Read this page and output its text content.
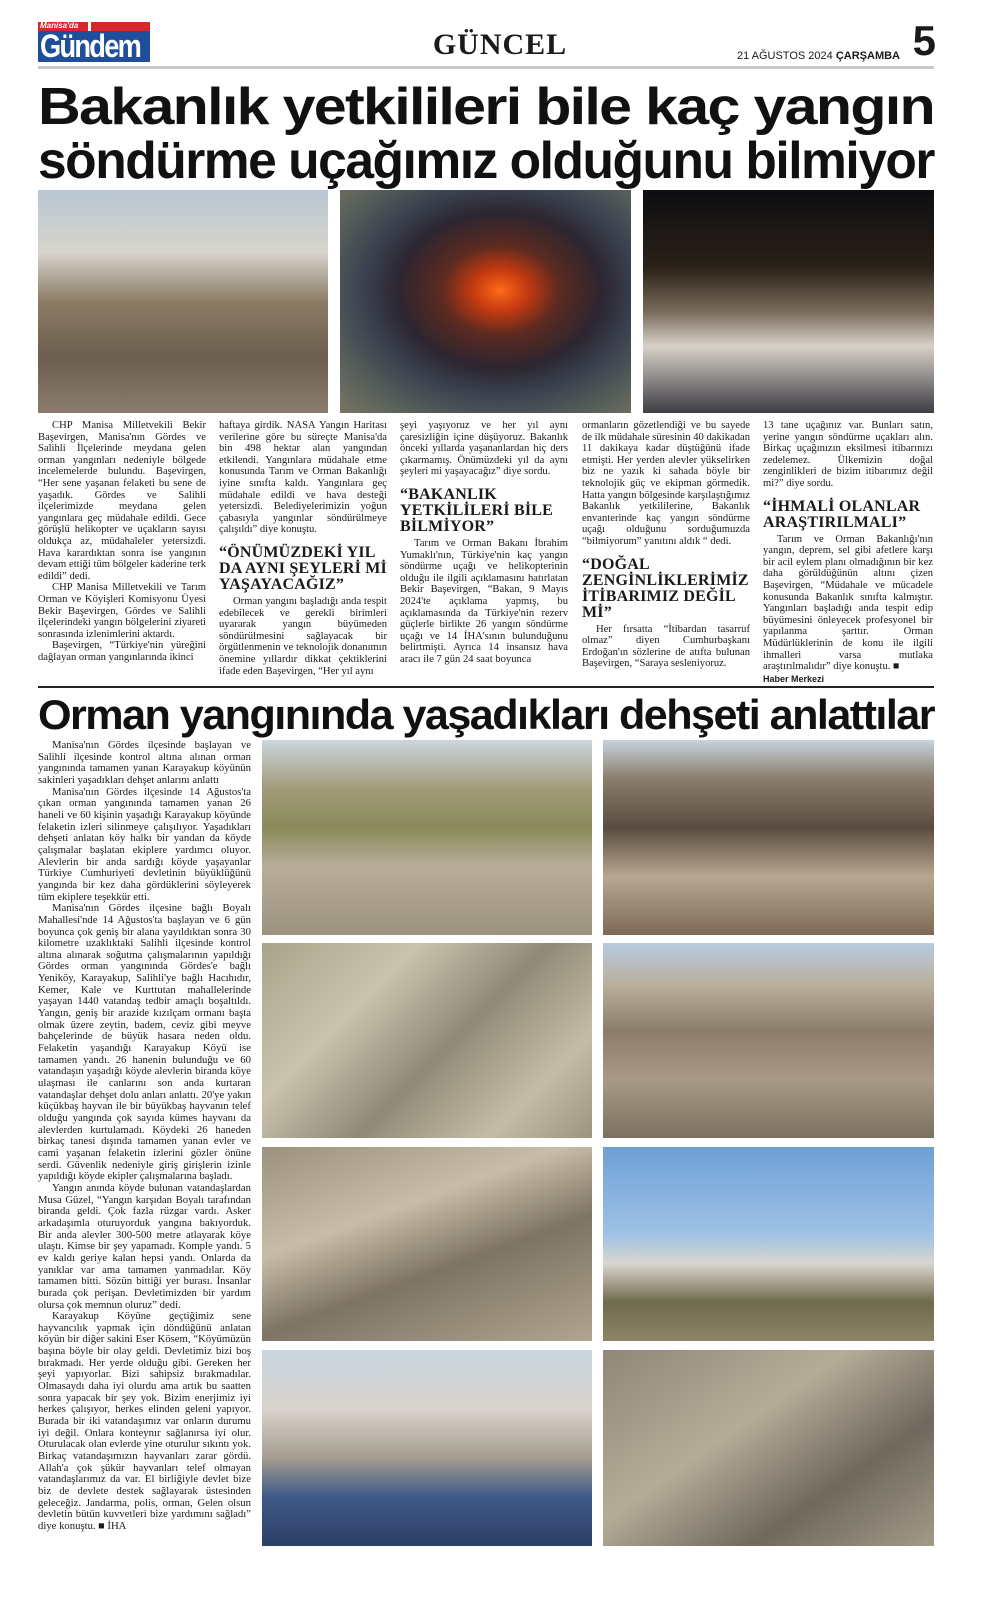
Manisa'da
Gündem	GÜNCEL	21 AĞUSTOS 2024 ÇARŞAMBA 5
Bakanlık yetkilileri bile kaç yangın
söndürme uçağımız olduğunu bilmiyor

CHP Manisa Milletvekili Bekir Başevirgen, Manisa'nın Gördes ve Salihli İlçelerinde meydana gelen orman yangınları nedeniyle bölgede incelemelerde bulundu. Başevirgen, “Her sene yaşanan felaketi bu sene de yaşadık. Gördes ve Salihli ilçelerimizde meydana gelen yangınlara geç müdahale edildi. Gece görüşlü helikopter ve uçakların sayısı oldukça az, müdahaleler yetersizdi. Hava karardıktan sonra ise yangının devam ettiği tüm bölgeler kaderine terk edildi” dedi.

CHP Manisa Milletvekili ve Tarım Orman ve Köyişleri Komisyonu Üyesi Bekir Başevirgen, Gördes ve Salihli ilçelerindeki yangın bölgelerini ziyareti sonrasında izlenimlerini aktardı.

Başevirgen, “Türkiye'nin yüreğini dağlayan orman yangınlarında ikinci

haftaya girdik. NASA Yangın Haritası verilerine göre bu süreçte Manisa'da bin 498 hektar alan yangından etkilendi. Yangınlara müdahale etme konusunda Tarım ve Orman Bakanlığı iyine sınıfta kaldı. Yangınlara geç müdahale edildi ve hava desteği yetersizdi. Belediyelerimizin yoğun çabasıyla yangınlar söndürülmeye çalışıldı” diye konuştu.

“ÖNÜMÜZDEKİ YIL DA AYNI ŞEYLERİ Mİ YAŞAYACAĞIZ”

Orman yangını başladığı anda tespit edebilecek ve gerekli birimleri uyararak yangın büyümeden söndürülmesini sağlayacak bir örgütlenmenin ve teknolojik donanımın önemine yıllardır dikkat çektiklerini ifade eden Başevirgen, “Her yıl aynı

şeyi yaşıyoruz ve her yıl aynı çaresizliğin içine düşüyoruz. Bakanlık önceki yıllarda yaşananlardan hiç ders çıkarmamış. Önümüzdeki yıl da aynı şeyleri mi yaşayacağız” diye sordu.

“BAKANLIK YETKİLİLERİ BİLE BİLMİYOR”

Tarım ve Orman Bakanı İbrahim Yumaklı'nın, Türkiye'nin kaç yangın söndürme uçağı ve helikopterinin olduğu ile ilgili açıklamasını hatırlatan Bekir Başevirgen, “Bakan, 9 Mayıs 2024'te açıklama yapmış, bu açıklamasında da Türkiye'nin rezerv güçlerle birlikte 26 yangın söndürme uçağı ve 14 İHA'sının bulunduğunu belirtmişti. Ayrıca 14 insansız hava aracı ile 7 gün 24 saat boyunca

ormanların gözetlendiği ve bu sayede de ilk müdahale süresinin 40 dakikadan 11 dakikaya kadar düştüğünü ifade etmişti. Her yerden alevler yükselirken biz ne yazık ki sahada böyle bir teknolojik güç ve ekipman görmedik. Hatta yangın bölgesinde karşılaştığımız Bakanlık yetkililerine, Bakanlık envanterinde kaç yangın söndürme uçağı olduğunu sorduğumuzda “bilmiyorum” yanıtını aldık “ dedi.

“DOĞAL ZENGİNLİKLERİMİZ İTİBARIMIZ DEĞİL Mİ”

Her fırsatta “İtibardan tasarruf olmaz” diyen Cumhurbaşkanı Erdoğan'ın sözlerine de atıfta bulunan Başevirgen, “Saraya sesleniyoruz.

13 tane uçağınız var. Bunları satın, yerine yangın söndürme uçakları alın. Birkaç uçağınızın eksilmesi itibarınızı zedelemez. Ülkemizin doğal zenginlikleri de bizim itibarımız değil mi?” diye sordu.

“İHMALİ OLANLAR ARAŞTIRILMALI”

Tarım ve Orman Bakanlığı'nın yangın, deprem, sel gibi afetlere karşı bir acil eylem planı olmadığının bir kez daha görüldüğünün altını çizen Başevirgen, “Müdahale ve mücadele konusunda Bakanlık sınıfta kalmıştır. Yangınları başladığı anda tespit edip büyümesini önleyecek profesyonel bir yapılanma şarttır. Orman Müdürlüklerinin de konu ile ilgili ihmalleri varsa mutlaka araştırılmalıdır” diye konuştu. ■

Haber Merkezi
Orman yangınında yaşadıkları dehşeti anlattılar

Manisa'nın Gördes ilçesinde başlayan ve Salihli ilçesinde kontrol altına alınan orman yangınında tamamen yanan Karayakup köyünün sakinleri yaşadıkları dehşet anlarını anlattı

Manisa'nın Gördes ilçesinde 14 Ağustos'ta çıkan orman yangınında tamamen yanan 26 haneli ve 60 kişinin yaşadığı Karayakup köyünde felaketin izleri silinmeye çalışılıyor. Yaşadıkları dehşeti anlatan köy halkı bir yandan da köyde çalışmalar başlatan ekiplere yardımcı oluyor. Alevlerin bir anda sardığı köyde yaşayanlar Türkiye Cumhuriyeti devletinin büyüklüğünü yangında bir kez daha gördüklerini söyleyerek tüm ekiplere teşekkür etti.

Manisa'nın Gördes ilçesine bağlı Boyalı Mahallesi'nde 14 Ağustos'ta başlayan ve 6 gün boyunca çok geniş bir alana yayıldıktan sonra 30 kilometre uzaklıktaki Salihli ilçesinde kontrol altına alınarak soğutma çalışmalarının yapıldığı Gördes orman yangınında Gördes'e bağlı Yeniköy, Karayakup, Salihli'ye bağlı Hacıhıdır, Kemer, Kale ve Kurttutan mahallelerinde yaşayan 1440 vatandaş tedbir amaçlı boşaltıldı. Yangın, geniş bir arazide kızılçam ormanı başta olmak üzere zeytin, badem, ceviz gibi meyve bahçelerinde de büyük hasara neden oldu. Felaketin yaşandığı Karayakup Köyü ise tamamen yandı. 26 hanenin bulunduğu ve 60 vatandaşın yaşadığı köyde alevlerin biranda köye ulaşması ile canlarını son anda kurtaran vatandaşlar dehşet dolu anları anlattı. 20'ye yakın küçükbaş hayvan ile bir büyükbaş hayvanın telef olduğu yangında çok sayıda kümes hayvanı da alevlerden kurtulamadı. Köydeki 26 haneden birkaç tanesi dışında tamamen yanan evler ve cami yaşanan felaketin izlerini gözler önüne serdi. Güvenlik nedeniyle giriş girişlerin izinle yapıldığı köyde ekipler çalışmalarına başladı.

Yangın anında köyde bulunan vatandaşlardan Musa Güzel, “Yangın karşıdan Boyalı tarafından biranda geldi. Çok fazla rüzgar vardı. Asker arkadaşımla oturuyorduk yangına bakıyorduk. Bir anda alevler 300-500 metre atlayarak köye ulaştı. Kimse bir şey yapamadı. Komple yandı. 5 ev kaldı geriye kalan hepsi yandı. Onlarda da yanıklar var ama tamamen yanmadılar. Köy tamamen bitti. Sözün bittiği yer burası. İnsanlar burada çok perişan. Devletimizden bir yardım olursa çok memnun oluruz” dedi.

Karayakup Köyüne geçtiğimiz sene hayvancılık yapmak için döndüğünü anlatan köyün bir diğer sakini Eser Kösem, “Köyümüzün başına böyle bir olay geldi. Devletimiz bizi boş bırakmadı. Her yerde olduğu gibi. Gereken her şeyi yapıyorlar. Bizi sahipsiz bırakmadılar. Olmasaydı daha iyi olurdu ama artık bu saatten sonra yapacak bir şey yok. Bizim enerjimiz iyi herkes çalışıyor, herkes elinden geleni yapıyor. Burada bir iki vatandaşımız var onların durumu iyi değil. Onlara konteynır sağlanırsa iyi olur. Oturulacak olan evlerde yine oturulur sıkıntı yok. Birkaç vatandaşımızın hayvanları zarar gördü. Allah'a çok şükür hayvanları telef olmayan vatandaşlarımız da var. El birliğiyle devlet bize biz de devlete destek sağlayarak üstesinden geleceğiz. Jandarma, polis, orman, Gelen olsun devletin bütün kuvvetleri bize yardımını sağladı” diye konuştu. ■ İHA
